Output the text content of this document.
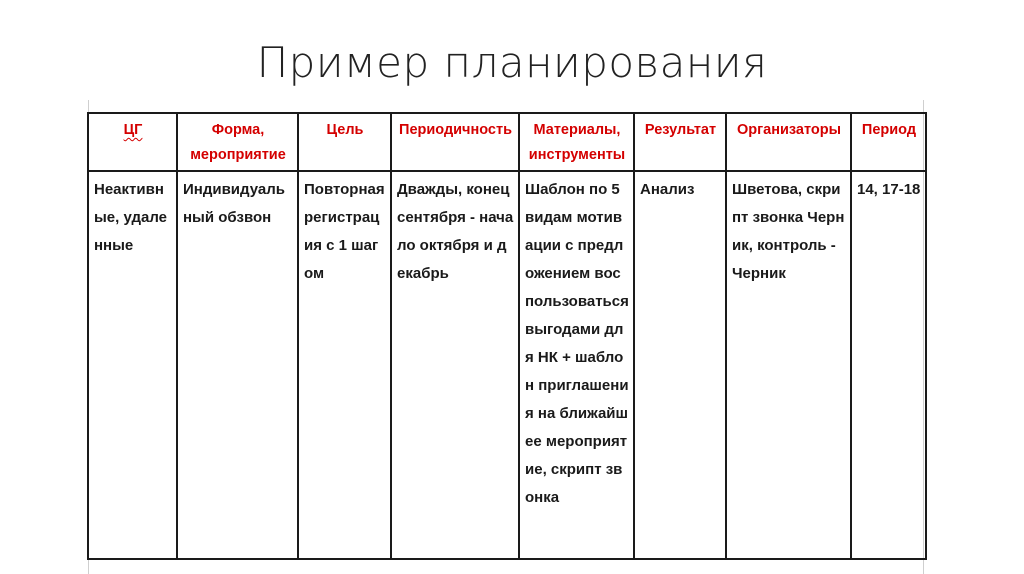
Пример планирования
ЦГ	Форма, мероприятие	Цель	Периодичность	Материалы, инструменты	Результат	Организаторы	Период
Неактивные, удаленные	Индивидуальный обзвон	Повторная регистрация с 1 шагом	Дважды, конец сентября - начало октября и декабрь	Шаблон по 5 видам мотивации с предложением воспользоваться выгодами для НК + шаблон приглашения на ближайшее мероприятие, скрипт звонка	Анализ	Шветова, скрипт звонка Черник, контроль - Черник	14, 17-18
